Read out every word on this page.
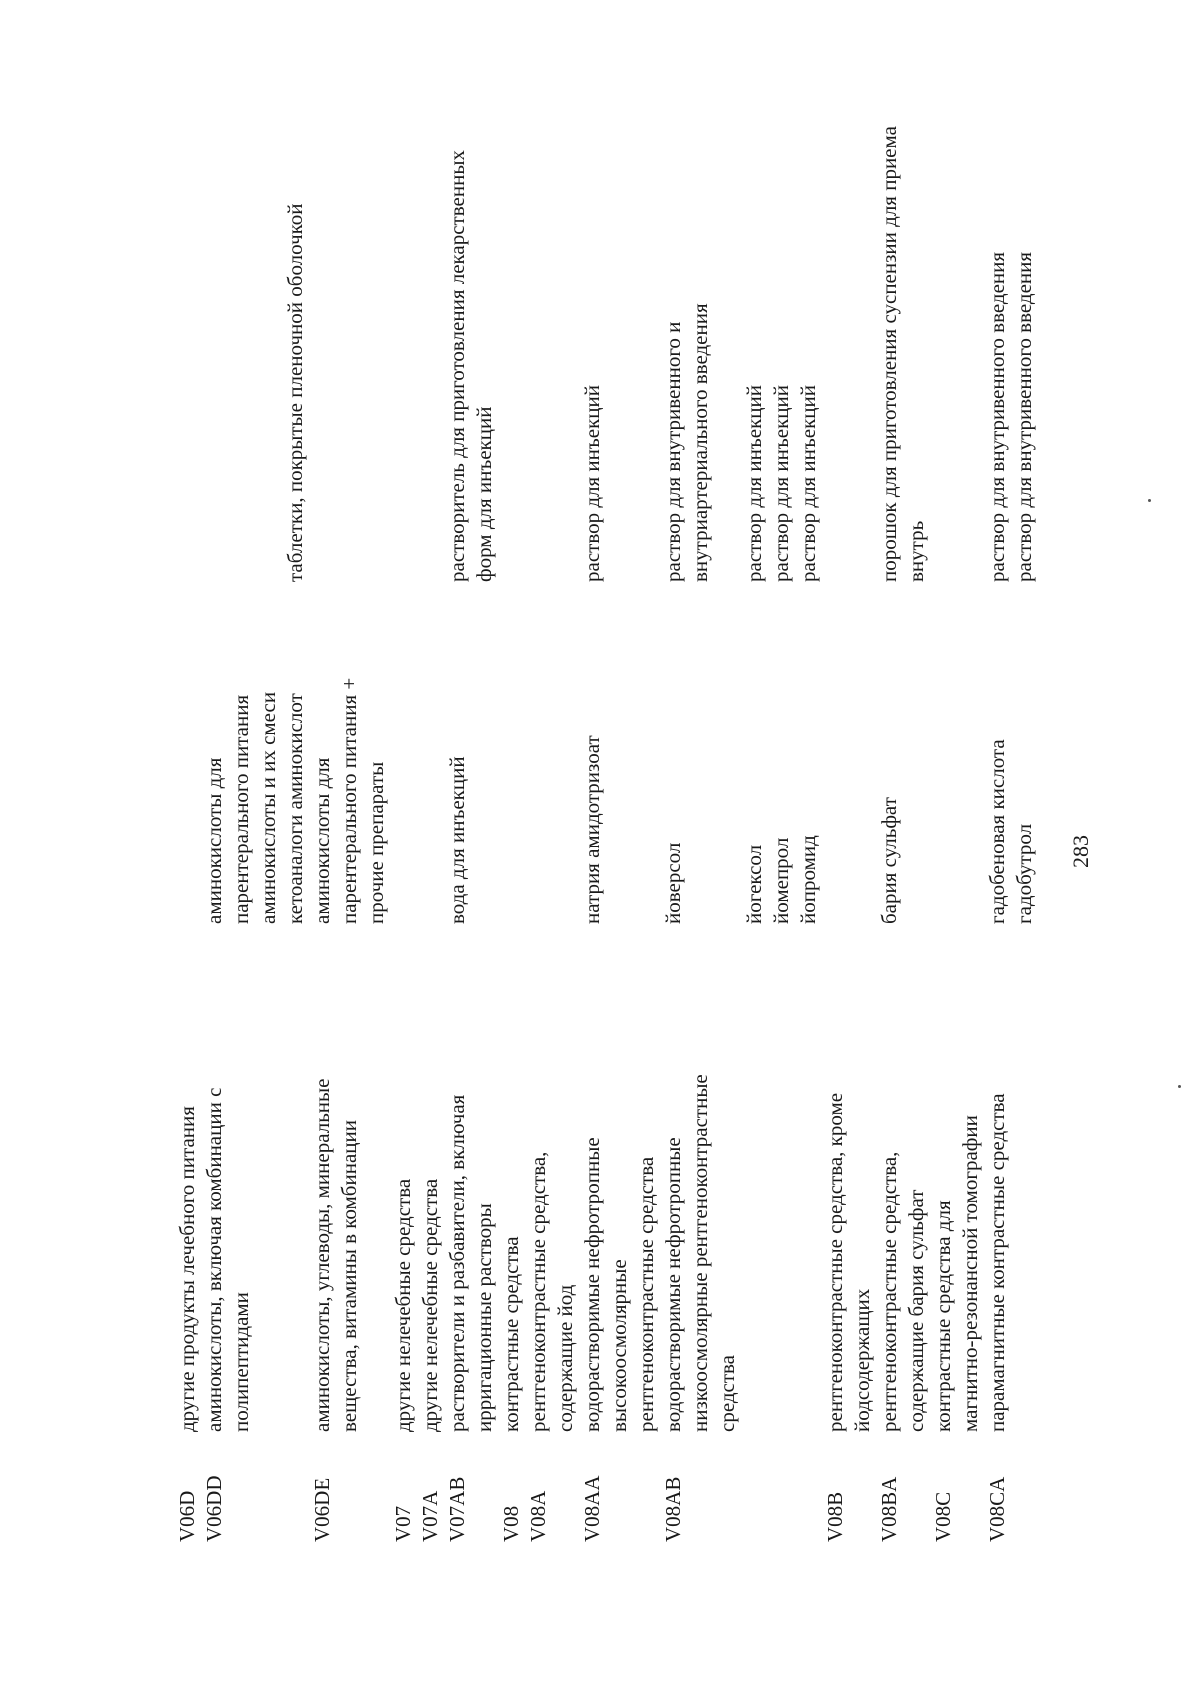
283

V06D
другие продукты лечебного питания
V06DD
аминокислоты, включая комбинации с
полипептидами
аминокислоты для
парентерального питания
аминокислоты и их смеси
кетоаналоги аминокислот

таблетки, покрытые пленочной оболочкой
V06DE
аминокислоты, углеводы, минеральные
вещества, витамины в комбинации
аминокислоты для
парентерального питания +
прочие препараты
V07
другие нелечебные средства
V07A
другие нелечебные средства
V07AB
растворители и разбавители, включая
ирригационные растворы
вода для инъекций
растворитель для приготовления лекарственных
форм для инъекций
V08
контрастные средства
V08A
рентгеноконтрастные средства,
содержащие йод
V08AA
водорастворимые нефротропные
высокоосмолярные
рентгеноконтрастные средства
натрия амидотризоат
раствор для инъекций
V08AB
водорастворимые нефротропные
низкоосмолярные рентгеноконтрастные
средства
йоверсол

йогексол
йомепрол
йопромид
раствор для внутривенного и
внутриартериального введения

раствор для инъекций
раствор для инъекций
раствор для инъекций
V08B
рентгеноконтрастные средства, кроме
йодсодержащих
V08BA
рентгеноконтрастные средства,
содержащие бария сульфат
бария сульфат
порошок для приготовления суспензии для приема
внутрь
V08C
контрастные средства для
магнитно-резонансной томографии
V08CA
парамагнитные контрастные средства
гадобеновая кислота
гадобутрол
раствор для внутривенного введения
раствор для внутривенного введения
